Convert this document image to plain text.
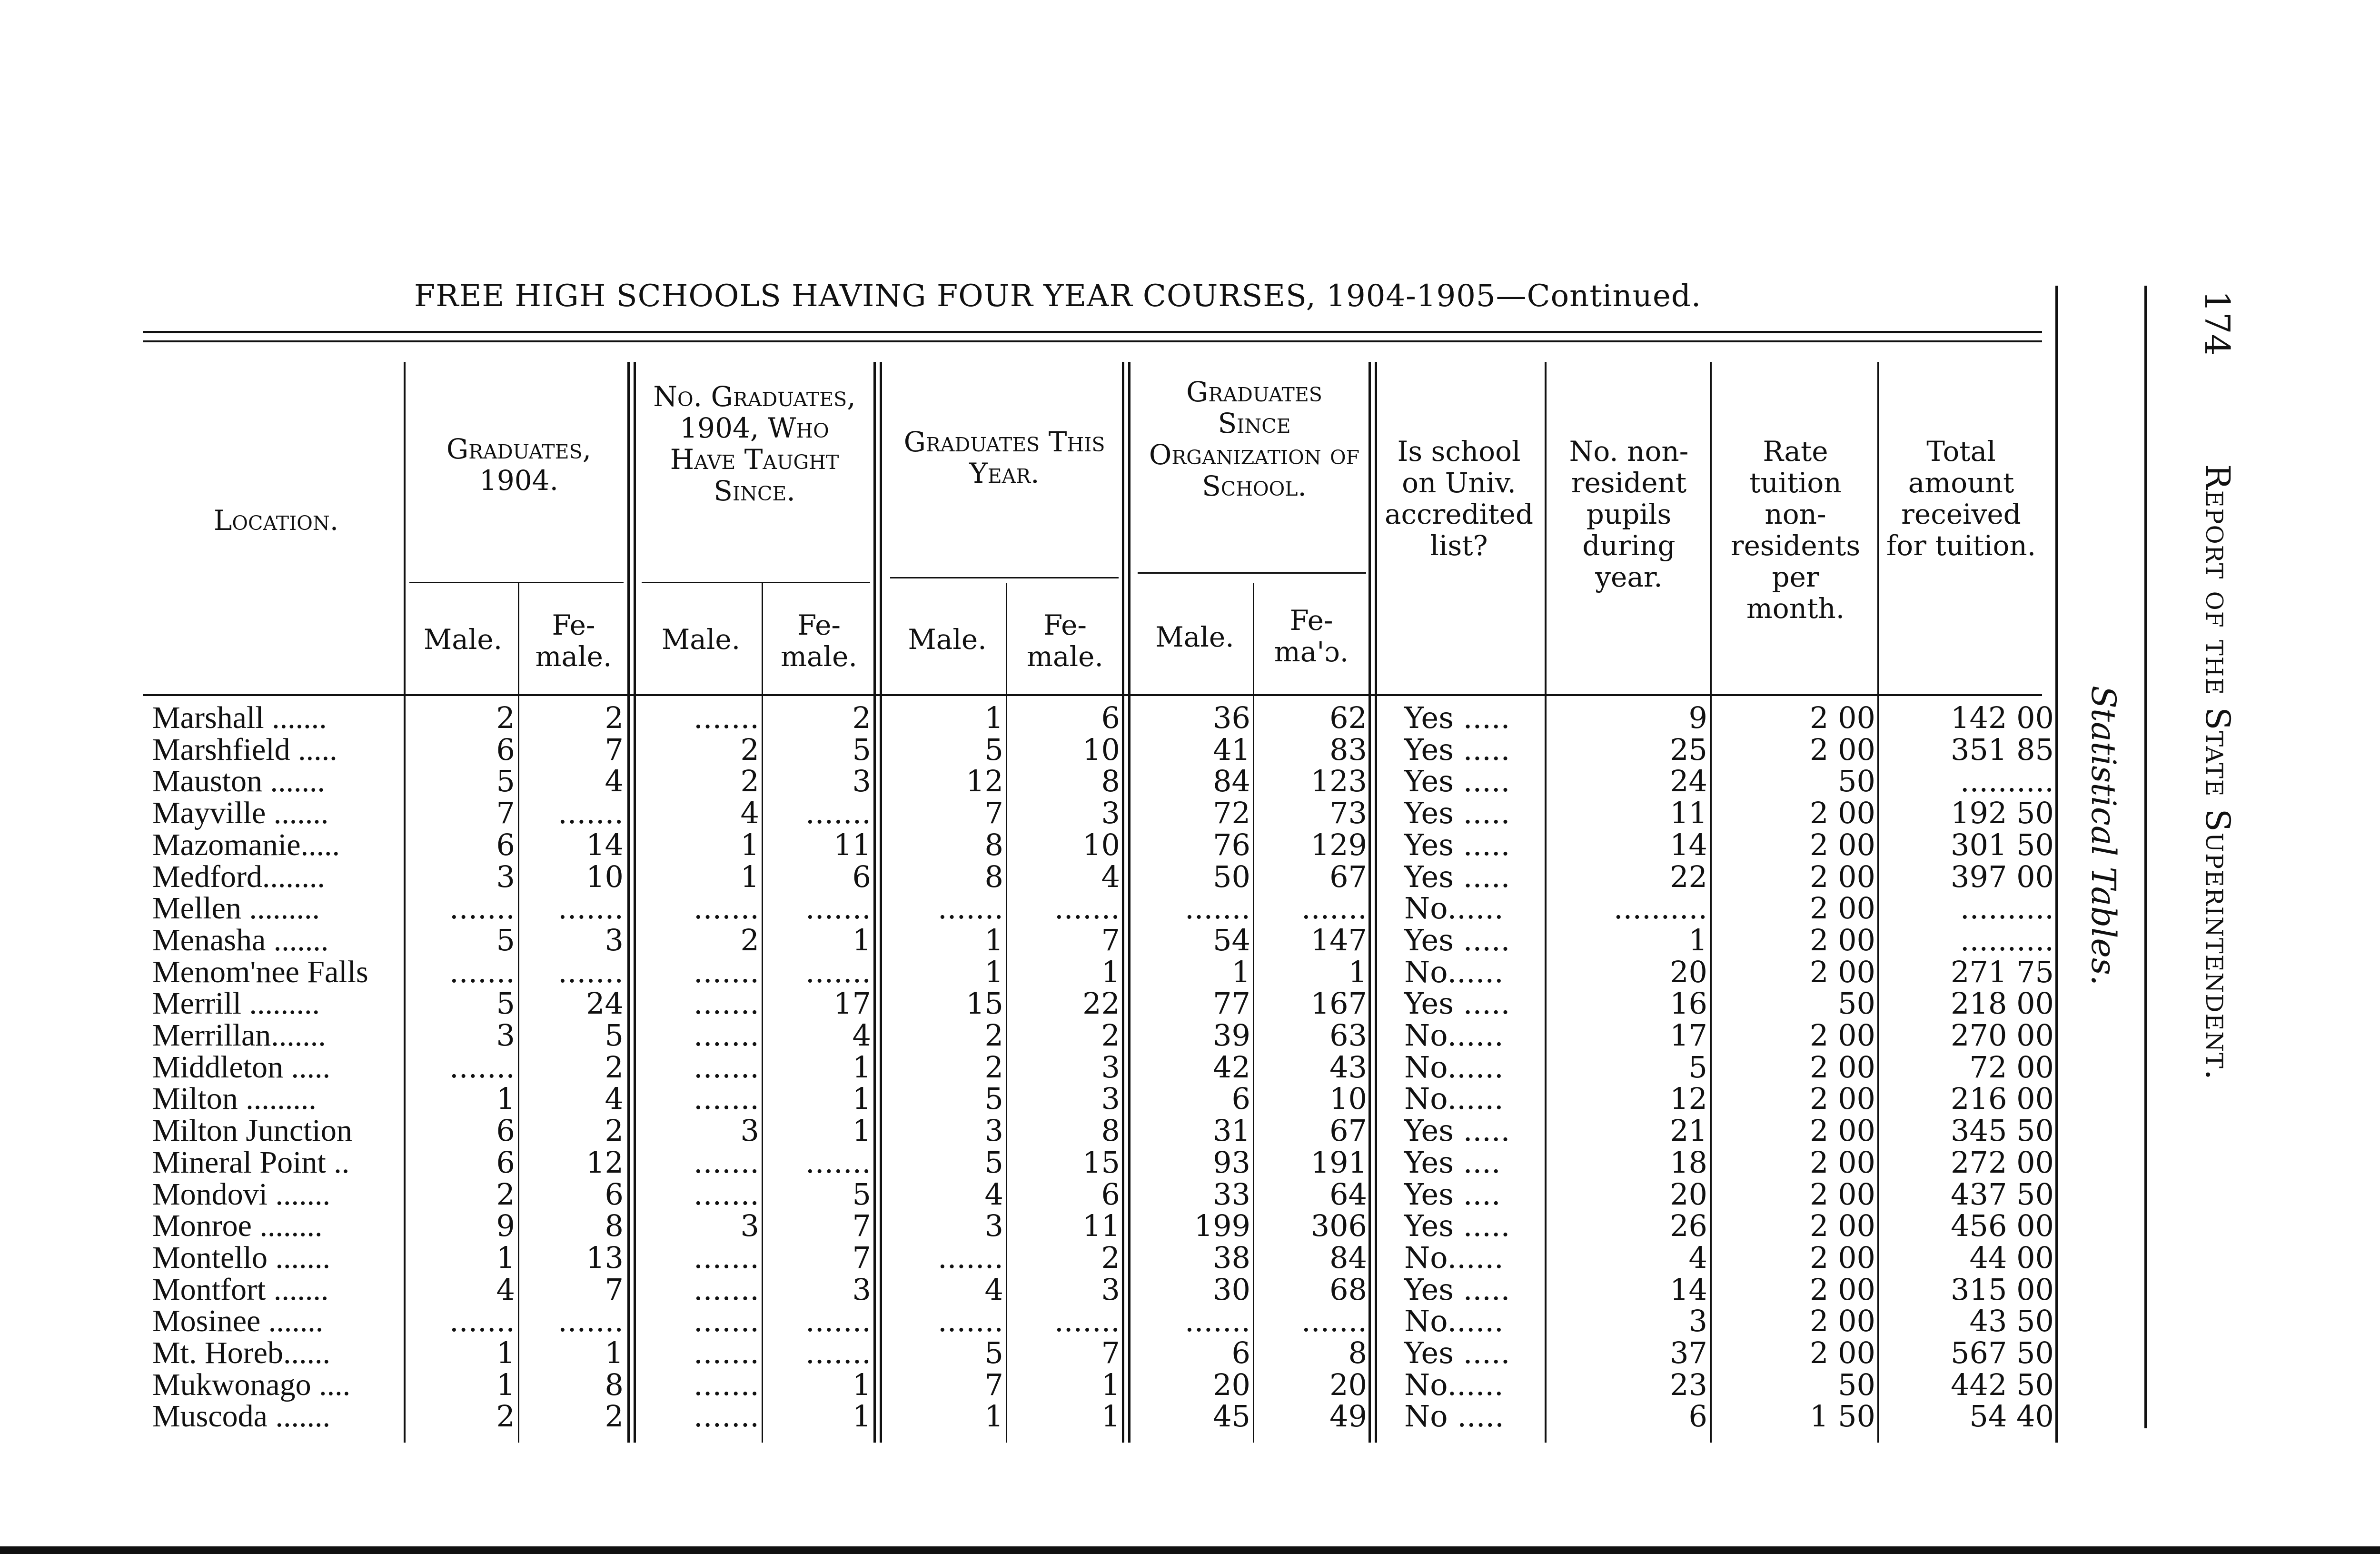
FREE HIGH SCHOOLS HAVING FOUR YEAR COURSES, 1904-1905—Continued.
Location.
Graduates, 1904.
No. Graduates, 1904, Who Have Taught Since.
Graduates This Year.
Graduates Since Organization of School.
Is school on Univ. accredited list?
No. non-resident pupils during year.
Rate tuition non-residents per month.
Total amount received for tuition.
Male.	Fe-male.
Male.	Fe-male.
Male.	Fe-male.
Male.
Fe-ma'ɔ.
Marshall .......	2	2	.......	2	1	6	36	62 Yes .....	9	2 00	142 00
Marshfield .....	6	7	2	5	5	10	41	83 Yes .....	25	2 00	351 85
Mauston .......	5	4	2	3	12	8	84	123 Yes .....	24	50	..........
Mayville .......	7	.......	4	.......	7	3	72	73 Yes .....	11	2 00	192 50
Mazomanie.....	6	14	1	11	8	10	76	129 Yes .....	14	2 00	301 50
Medford........	3	10	1	6	8	4	50	67 Yes .....	22	2 00	397 00
Mellen .........	.......	.......	.......	.......	.......	.......	.......	....... No......	..........	2 00	..........
Menasha .......	5	3	2	1	1	7	54	147 Yes .....	1	2 00	..........
Menom'nee Falls	.......	.......	.......	.......	1	1	1	1 No......	20	2 00	271 75
Merrill .........	5	24	.......	17	15	22	77	167 Yes .....	16	50	218 00
Merrillan.......	3	5	.......	4	2	2	39	63 No......	17	2 00	270 00
Middleton .....	.......	2	.......	1	2	3	42	43 No......	5	2 00	72 00
Milton .........	1	4	.......	1	5	3	6	10 No......	12	2 00	216 00
Milton Junction	6	2	3	1	3	8	31	67 Yes .....	21	2 00	345 50
Mineral Point ..	6	12	.......	.......	5	15	93	191 Yes ....	18	2 00	272 00
Mondovi .......	2	6	.......	5	4	6	33	64 Yes ....	20	2 00	437 50
Monroe ........	9	8	3	7	3	11	199	306 Yes .....	26	2 00	456 00
Montello .......	1	13	.......	7	.......	2	38	84 No......	4	2 00	44 00
Montfort .......	4	7	.......	3	4	3	30	68 Yes .....	14	2 00	315 00
Mosinee .......	.......	.......	.......	.......	.......	.......	.......	....... No......	3	2 00	43 50
Mt. Horeb......	1	1	.......	.......	5	7	6	8 Yes .....	37	2 00	567 50
Mukwonago ....	1	8	.......	1	7	1	20	20 No......	23	50	442 50
Muscoda .......	2	2	.......	1	1	1	45	49 No .....	6	1 50	54 40
174
Report of the State Superintendent.
Statistical Tables.
